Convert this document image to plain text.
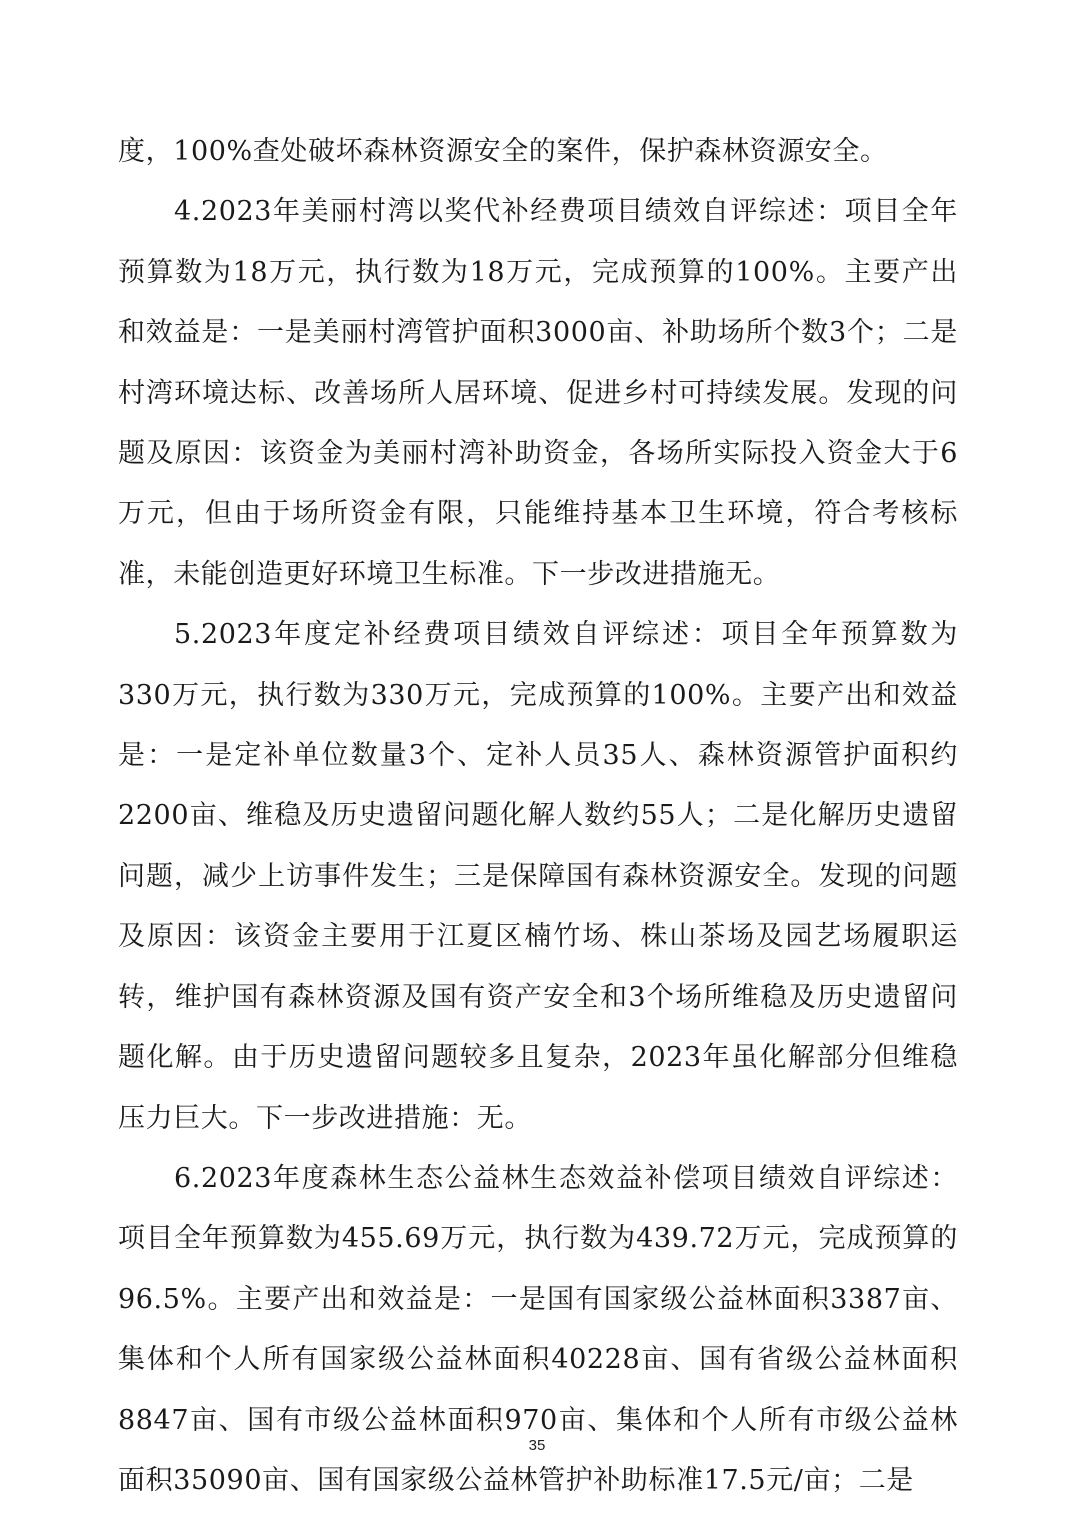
度，100%查处破坏森林资源安全的案件，保护森林资源安全。

4.2023年美丽村湾以奖代补经费项目绩效自评综述：项目全年预算数为18万元，执行数为18万元，完成预算的100%。主要产出和效益是：一是美丽村湾管护面积3000亩、补助场所个数3个；二是村湾环境达标、改善场所人居环境、促进乡村可持续发展。发现的问题及原因：该资金为美丽村湾补助资金，各场所实际投入资金大于6万元，但由于场所资金有限，只能维持基本卫生环境，符合考核标准，未能创造更好环境卫生标准。下一步改进措施无。

5.2023年度定补经费项目绩效自评综述：项目全年预算数为330万元，执行数为330万元，完成预算的100%。主要产出和效益是：一是定补单位数量3个、定补人员35人、森林资源管护面积约2200亩、维稳及历史遗留问题化解人数约55人；二是化解历史遗留问题，减少上访事件发生；三是保障国有森林资源安全。发现的问题及原因：该资金主要用于江夏区楠竹场、株山茶场及园艺场履职运转，维护国有森林资源及国有资产安全和3个场所维稳及历史遗留问题化解。由于历史遗留问题较多且复杂，2023年虽化解部分但维稳压力巨大。下一步改进措施：无。

6.2023年度森林生态公益林生态效益补偿项目绩效自评综述：项目全年预算数为455.69万元，执行数为439.72万元，完成预算的96.5%。主要产出和效益是：一是国有国家级公益林面积3387亩、集体和个人所有国家级公益林面积40228亩、国有省级公益林面积8847亩、国有市级公益林面积970亩、集体和个人所有市级公益林面积35090亩、国有国家级公益林管护补助标准17.5元/亩；二是

35
